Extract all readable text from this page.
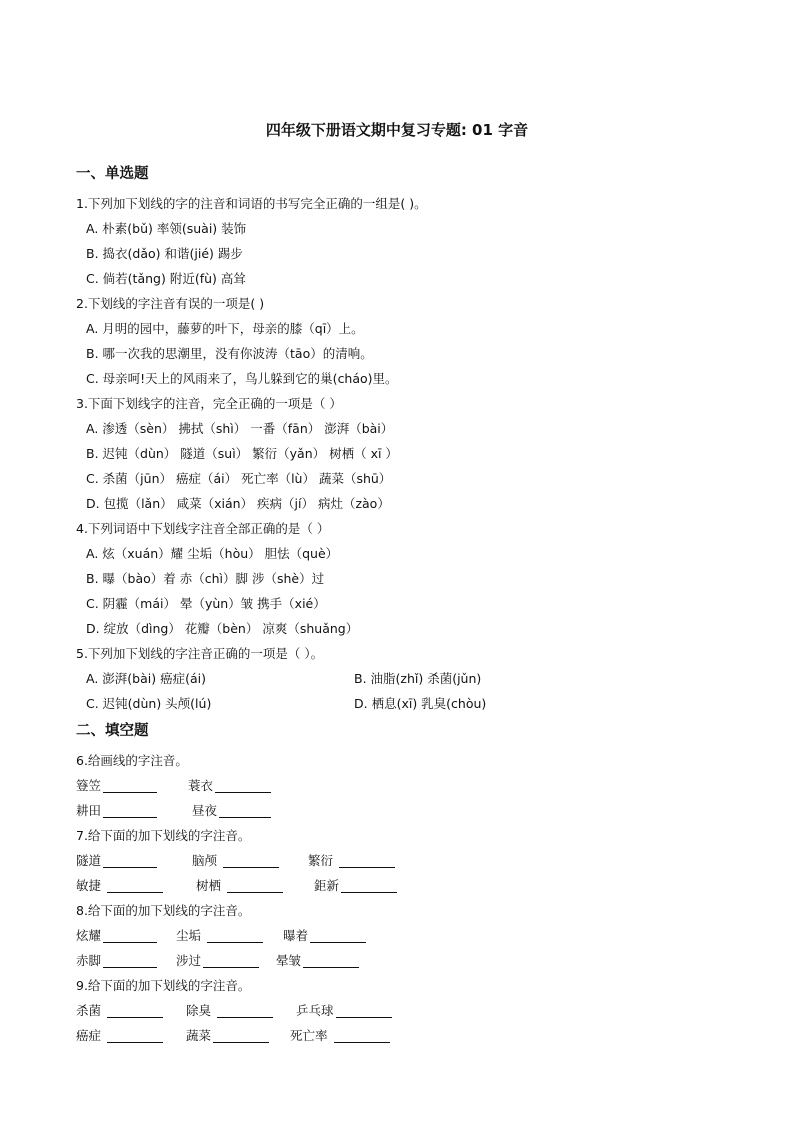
四年级下册语文期中复习专题: 01 字音
一、单选题
1.下列加下划线的字的注音和词语的书写完全正确的一组是( )。
A. 朴素(bǔ) 率领(suài) 装饰
B. 捣衣(dǎo) 和谐(jié) 踢步
C. 倘若(tǎng) 附近(fù) 高耸
2.下划线的字注音有误的一项是( )
A. 月明的园中，藤萝的叶下，母亲的膝（qī）上。
B. 哪一次我的思潮里，没有你波涛（tāo）的清响。
C. 母亲呵!天上的风雨来了，鸟儿躲到它的巢(cháo)里。
3.下面下划线字的注音，完全正确的一项是（ ）
A. 渗透（sèn） 拂拭（shì） 一番（fān） 澎湃（bài）
B. 迟钝（dùn） 隧道（suì） 繁衍（yǎn） 树栖（ xī ）
C. 杀菌（jūn） 癌症（ái） 死亡率（lù） 蔬菜（shū）
D. 包揽（lǎn） 咸菜（xián） 疾病（jí） 病灶（zào）
4.下列词语中下划线字注音全部正确的是（ ）
A. 炫（xuán）耀 尘垢（hòu） 胆怯（què）
B. 曝（bào）着 赤（chì）脚 涉（shè）过
C. 阴霾（mái） 晕（yùn）皱 携手（xié）
D. 绽放（dìng） 花瓣（bèn） 凉爽（shuǎng）
5.下列加下划线的字注音正确的一项是（ ）。
A. 澎湃(bài) 癌症(ái)	B. 油脂(zhǐ) 杀菌(jǔn)
C. 迟钝(dùn) 头颅(lú)	D. 栖息(xī) 乳臭(chòu)
二、填空题
6.给画线的字注音。
簦笠	蓑衣
耕田	昼夜
7.给下面的加下划线的字注音。
隧道	脑颅	繁衍
敏捷	树栖	鉅新
8.给下面的加下划线的字注音。
炫耀	尘垢	曝着
赤脚	涉过	晕皱
9.给下面的加下划线的字注音。
杀菌	除臭	乒乓球
癌症	蔬菜	死亡率
